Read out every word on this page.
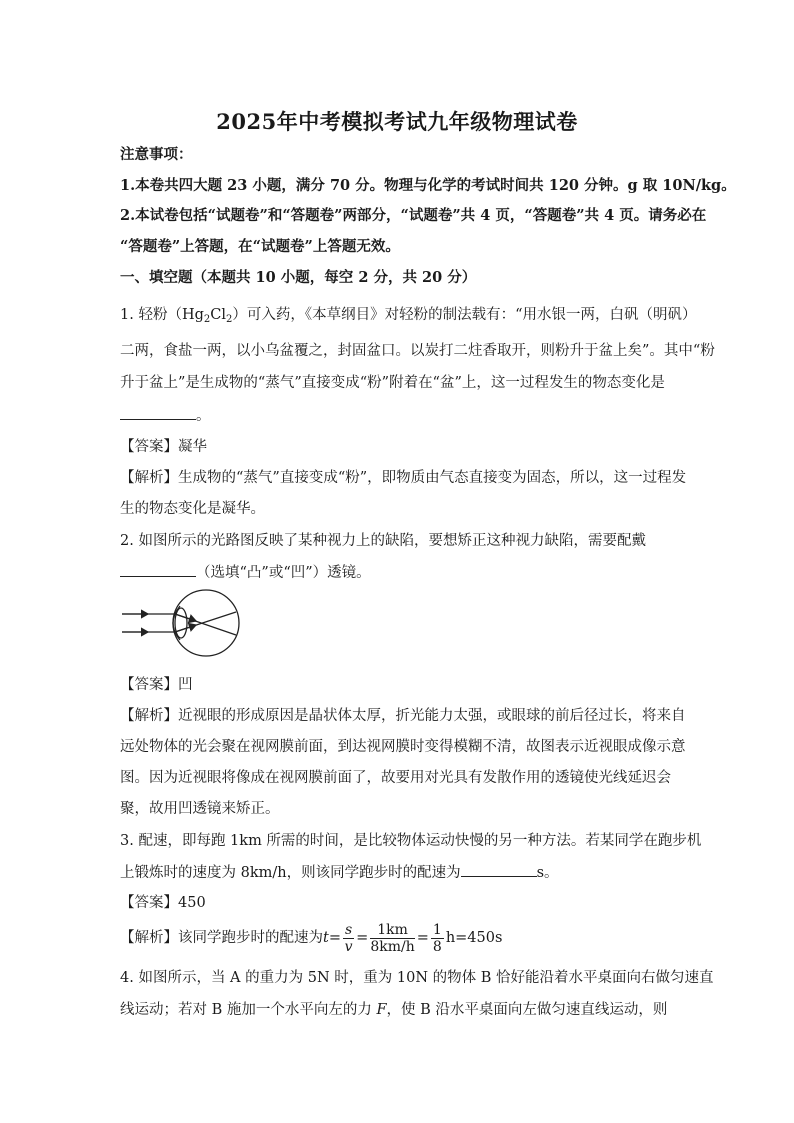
2025年中考模拟考试九年级物理试卷
注意事项：
1.本卷共四大题 23 小题，满分 70 分。物理与化学的考试时间共 120 分钟。g 取 10N/kg。
2.本试卷包括“试题卷”和“答题卷”两部分，“试题卷”共 4 页，“答题卷”共 4 页。请务必在
“答题卷”上答题，在“试题卷”上答题无效。
一、填空题（本题共 10 小题，每空 2 分，共 20 分）
1. 轻粉$(Hg_2Cl_2)$可入药，《本草纲目》对轻粉的制法载有：“用水银一两，白矾（明矾）
二两，食盐一两，以小乌盆覆之，封固盆口。以炭打二炷香取开，则粉升于盆上矣”。其中“粉
升于盆上”是生成物的“蒸气”直接变成“粉”附着在“盆”上，这一过程发生的物态变化是
。
【答案】凝华
【解析】生成物的“蒸气”直接变成“粉”，即物质由气态直接变为固态，所以，这一过程发
生的物态变化是凝华。
2. 如图所示的光路图反映了某种视力上的缺陷，要想矫正这种视力缺陷，需要配戴
（选填“凸”或“凹”）透镜。
【答案】凹
【解析】近视眼的形成原因是晶状体太厚，折光能力太强，或眼球的前后径过长，将来自
远处物体的光会聚在视网膜前面，到达视网膜时变得模糊不清，故图表示近视眼成像示意
图。因为近视眼将像成在视网膜前面了，故要用对光具有发散作用的透镜使光线延迟会
聚，故用凹透镜来矫正。
3. 配速，即每跑 1km 所需的时间，是比较物体运动快慢的另一种方法。若某同学在跑步机
上锻炼时的速度为 8km/h，则该同学跑步时的配速为	s。
【答案】450
【解析】该同学跑步时的配速为$t= \frac{s}{v} = \frac{1km}{8km/h} = \frac{1}{8} h=450s$
4. 如图所示，当 A 的重力为 5N 时，重为 10N 的物体 B 恰好能沿着水平桌面向右做匀速直
线运动；若对 B 施加一个水平向左的力 F，使 B 沿水平桌面向左做匀速直线运动，则
